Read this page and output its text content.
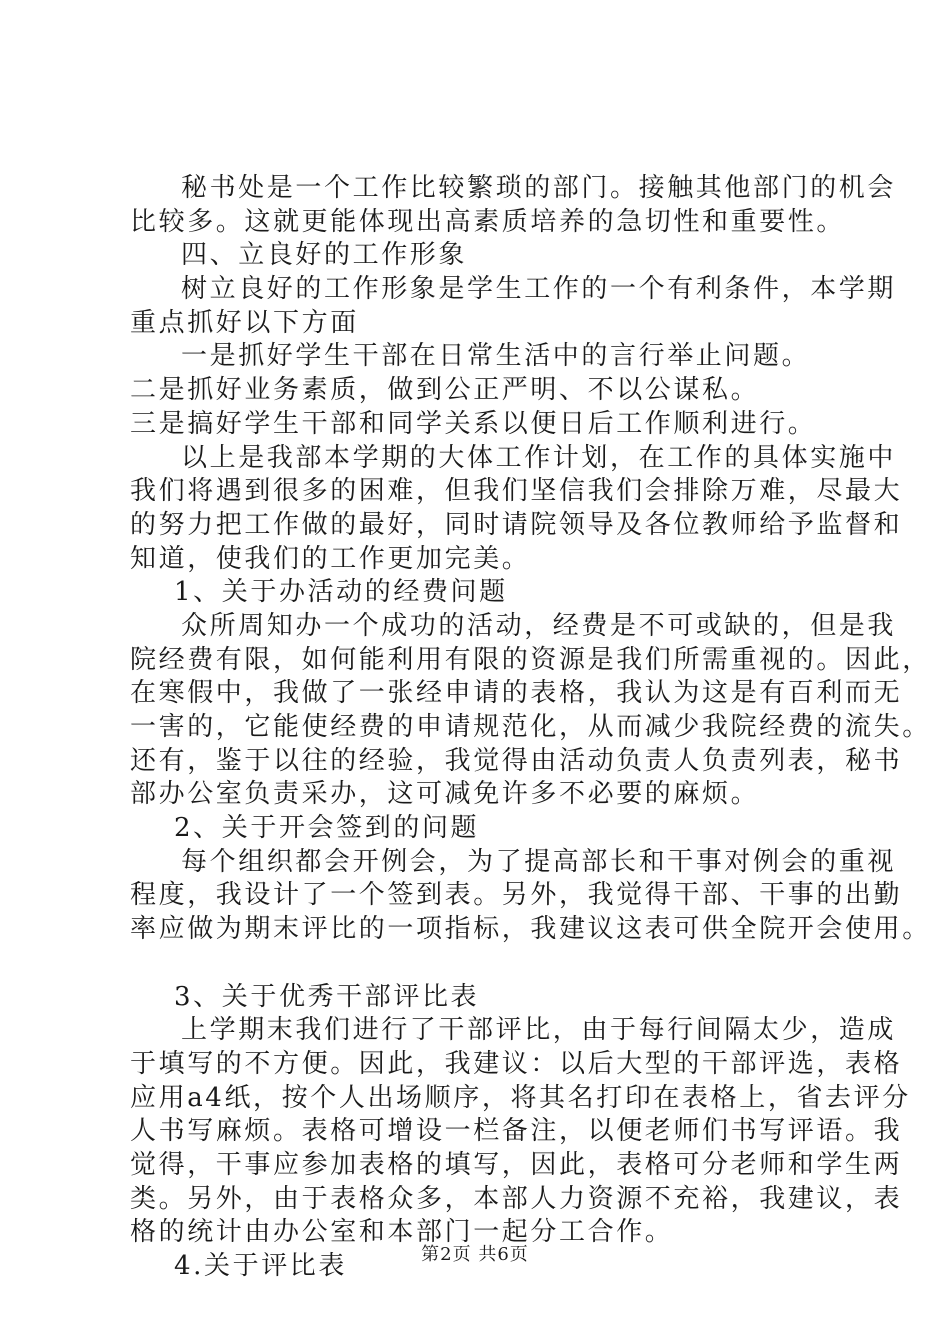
秘书处是一个工作比较繁琐的部门。接触其他部门的机会
比较多。这就更能体现出高素质培养的急切性和重要性。
四、立良好的工作形象
树立良好的工作形象是学生工作的一个有利条件，本学期
重点抓好以下方面
一是抓好学生干部在日常生活中的言行举止问题。
二是抓好业务素质，做到公正严明、不以公谋私。
三是搞好学生干部和同学关系以便日后工作顺利进行。
以上是我部本学期的大体工作计划，在工作的具体实施中
我们将遇到很多的困难，但我们坚信我们会排除万难，尽最大
的努力把工作做的最好，同时请院领导及各位教师给予监督和
知道，使我们的工作更加完美。
1、关于办活动的经费问题
众所周知办一个成功的活动，经费是不可或缺的，但是我
院经费有限，如何能利用有限的资源是我们所需重视的。因此，
在寒假中，我做了一张经申请的表格，我认为这是有百利而无
一害的，它能使经费的申请规范化，从而减少我院经费的流失。
还有，鉴于以往的经验，我觉得由活动负责人负责列表，秘书
部办公室负责采办，这可减免许多不必要的麻烦。
2、关于开会签到的问题
每个组织都会开例会，为了提高部长和干事对例会的重视
程度，我设计了一个签到表。另外，我觉得干部、干事的出勤
率应做为期末评比的一项指标，我建议这表可供全院开会使用。
3、关于优秀干部评比表
上学期末我们进行了干部评比，由于每行间隔太少，造成
于填写的不方便。因此，我建议：以后大型的干部评选，表格
应用a4纸，按个人出场顺序，将其名打印在表格上，省去评分
人书写麻烦。表格可增设一栏备注，以便老师们书写评语。我
觉得，干事应参加表格的填写，因此，表格可分老师和学生两
类。另外，由于表格众多，本部人力资源不充裕，我建议，表
格的统计由办公室和本部门一起分工合作。
4.关于评比表	第2页 共6页
